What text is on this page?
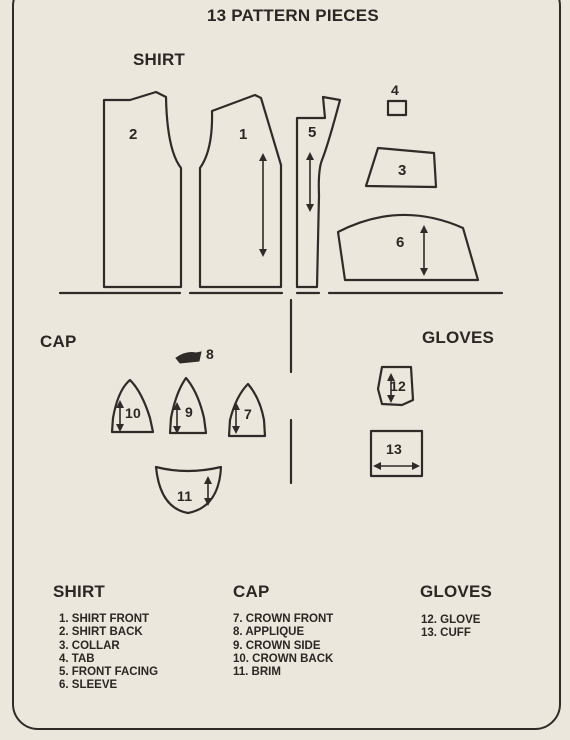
13 PATTERN PIECES
SHIRT
CAP	GLOVES
2	1	5
4
3
6
8
10	9	7
11
12
13
SHIRT
1. SHIRT FRONT
2. SHIRT BACK
3. COLLAR
4. TAB
5. FRONT FACING
6. SLEEVE
CAP
7. CROWN FRONT
8. APPLIQUE
9. CROWN SIDE
10. CROWN BACK
11. BRIM
GLOVES
12. GLOVE
13. CUFF
